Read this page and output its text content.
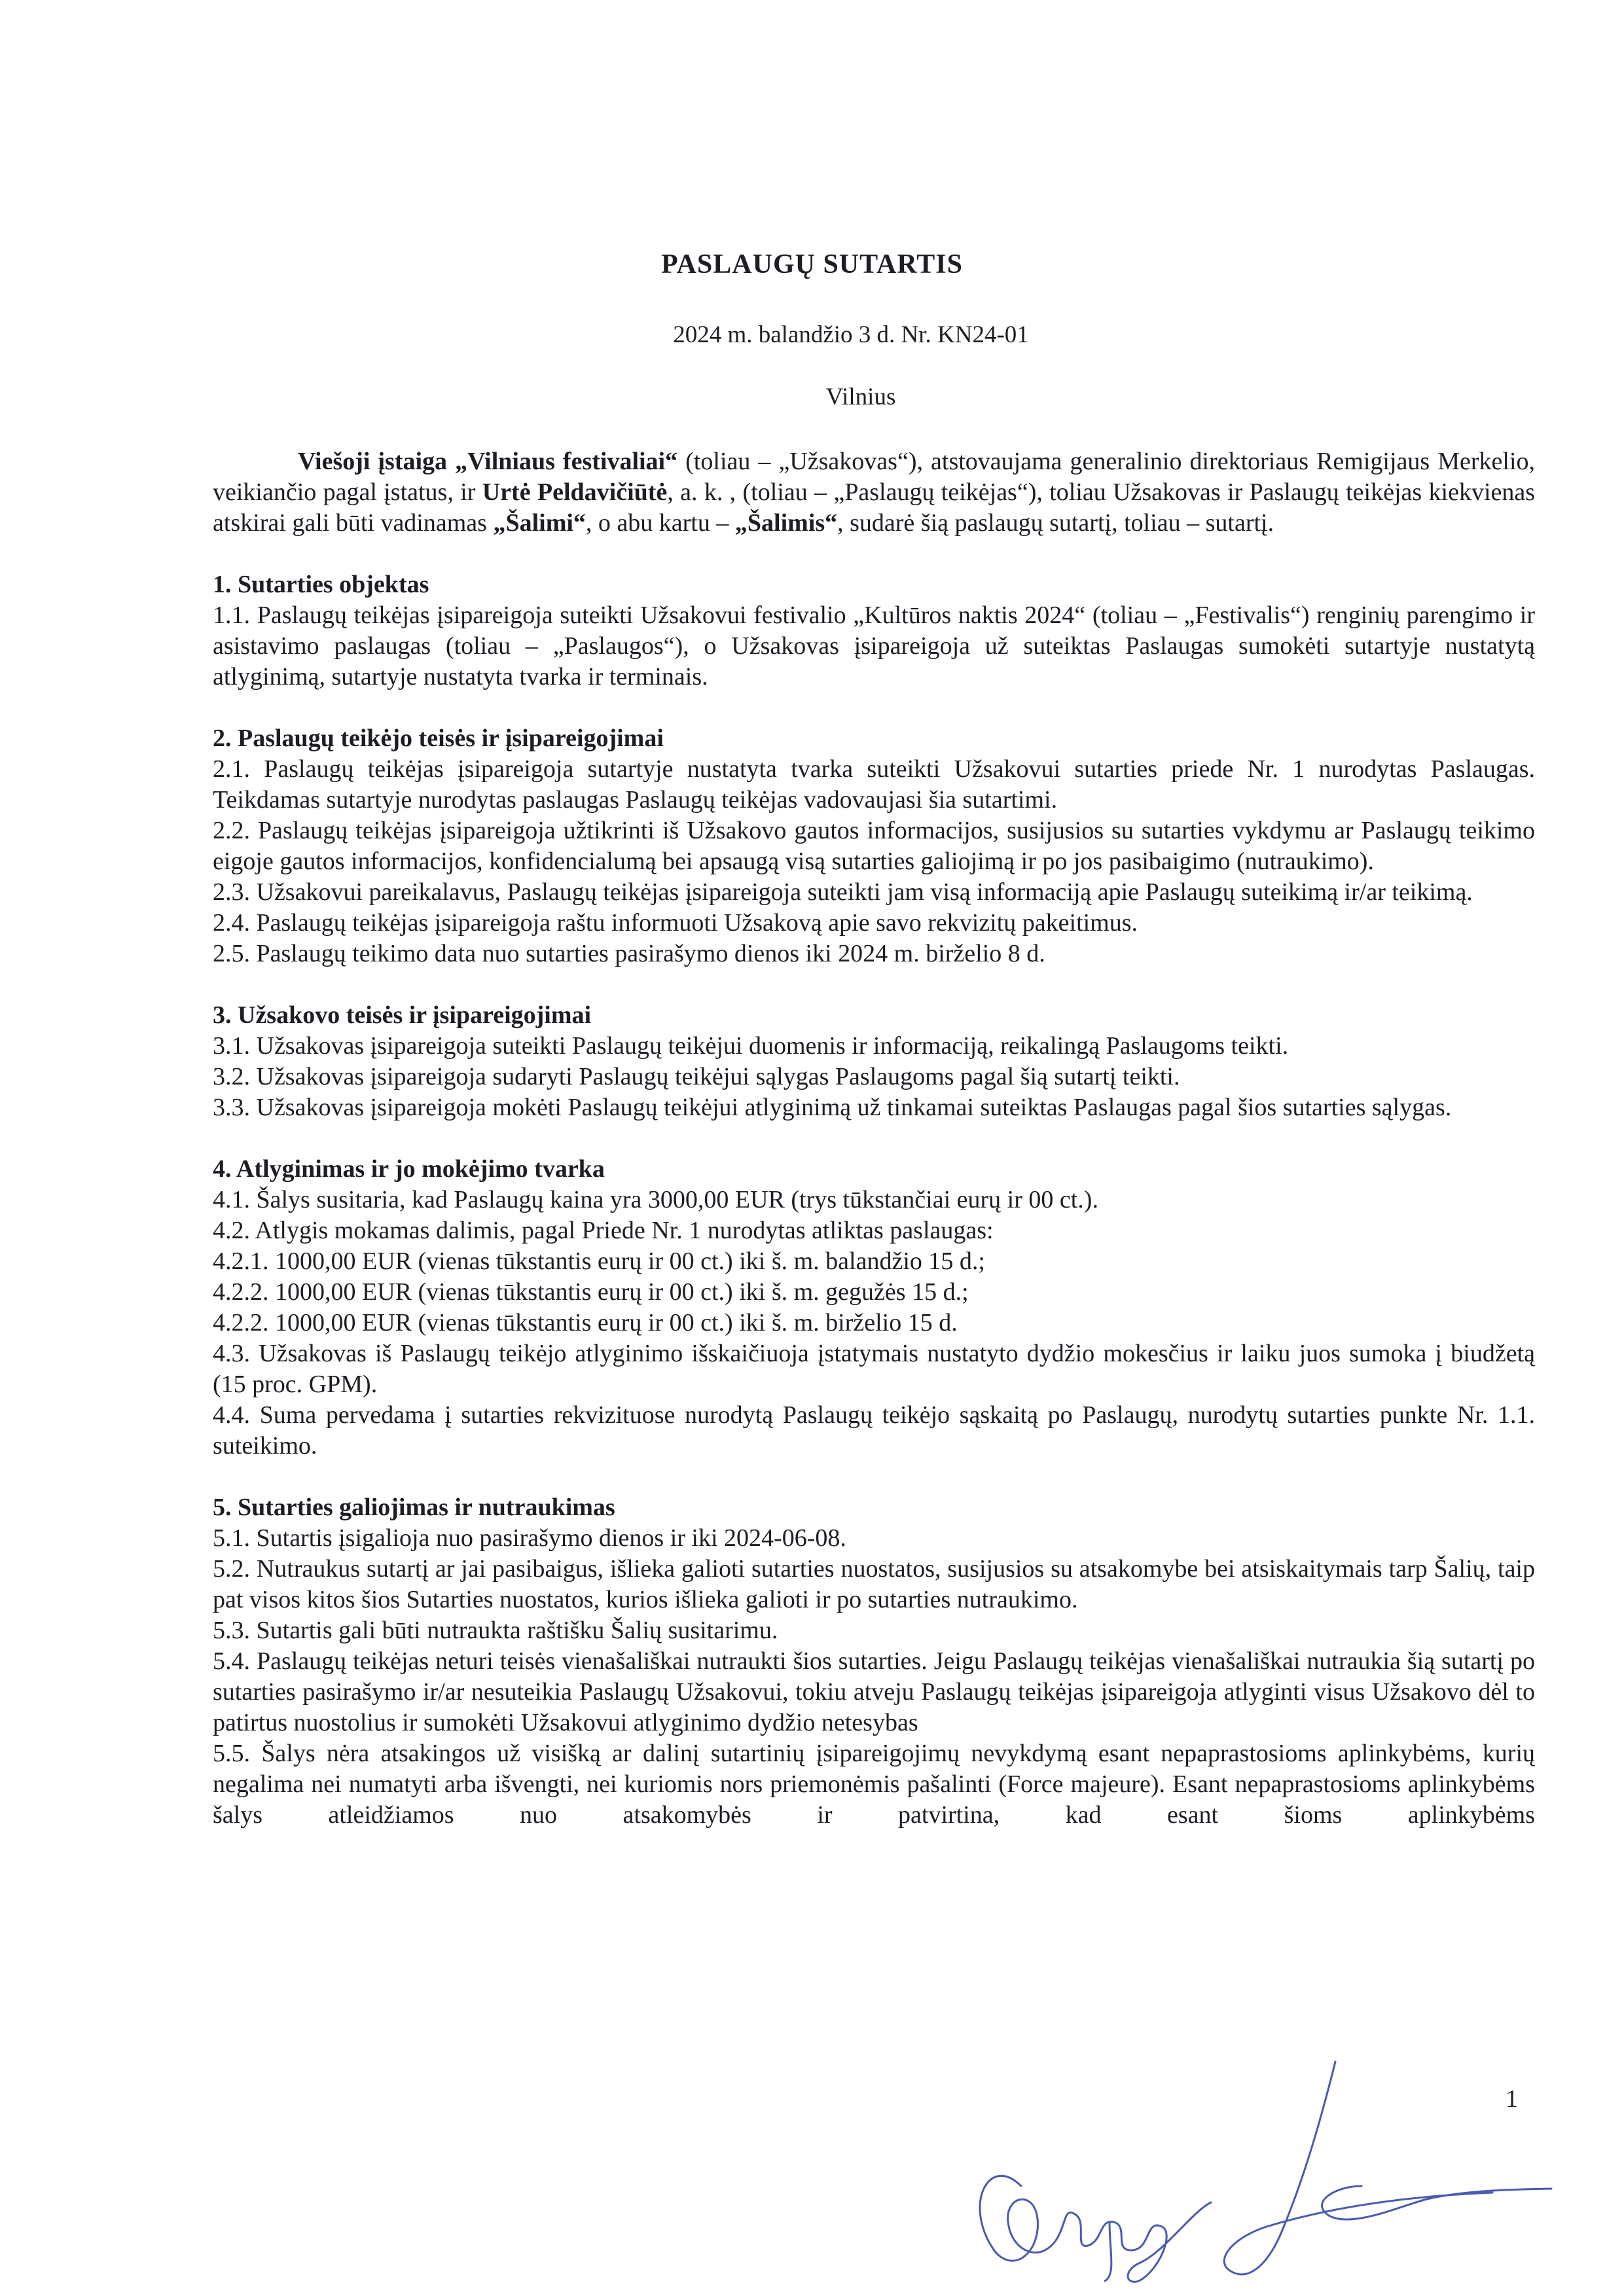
PASLAUGŲ SUTARTIS
2024 m. balandžio 3 d. Nr. KN24-01
Vilnius

Viešoji įstaiga „Vilniaus festivaliai“ (toliau – „Užsakovas“), atstovaujama generalinio direktoriaus Remigijaus Merkelio, veikiančio pagal įstatus, ir Urtė Peldavičiūtė, a. k. , (toliau – „Paslaugų teikėjas“), toliau Užsakovas ir Paslaugų teikėjas kiekvienas atskirai gali būti vadinamas „Šalimi“, o abu kartu – „Šalimis“, sudarė šią paslaugų sutartį, toliau – sutartį.

1. Sutarties objektas

1.1. Paslaugų teikėjas įsipareigoja suteikti Užsakovui festivalio „Kultūros naktis 2024“ (toliau – „Festivalis“) renginių parengimo ir asistavimo paslaugas (toliau – „Paslaugos“), o Užsakovas įsipareigoja už suteiktas Paslaugas sumokėti sutartyje nustatytą atlyginimą, sutartyje nustatyta tvarka ir terminais.

2. Paslaugų teikėjo teisės ir įsipareigojimai

2.1. Paslaugų teikėjas įsipareigoja sutartyje nustatyta tvarka suteikti Užsakovui sutarties priede Nr. 1 nurodytas Paslaugas. Teikdamas sutartyje nurodytas paslaugas Paslaugų teikėjas vadovaujasi šia sutartimi.

2.2. Paslaugų teikėjas įsipareigoja užtikrinti iš Užsakovo gautos informacijos, susijusios su sutarties vykdymu ar Paslaugų teikimo eigoje gautos informacijos, konfidencialumą bei apsaugą visą sutarties galiojimą ir po jos pasibaigimo (nutraukimo).

2.3. Užsakovui pareikalavus, Paslaugų teikėjas įsipareigoja suteikti jam visą informaciją apie Paslaugų suteikimą ir/ar teikimą.

2.4. Paslaugų teikėjas įsipareigoja raštu informuoti Užsakovą apie savo rekvizitų pakeitimus.

2.5. Paslaugų teikimo data nuo sutarties pasirašymo dienos iki 2024 m. birželio 8 d.

3. Užsakovo teisės ir įsipareigojimai

3.1. Užsakovas įsipareigoja suteikti Paslaugų teikėjui duomenis ir informaciją, reikalingą Paslaugoms teikti.

3.2. Užsakovas įsipareigoja sudaryti Paslaugų teikėjui sąlygas Paslaugoms pagal šią sutartį teikti.

3.3. Užsakovas įsipareigoja mokėti Paslaugų teikėjui atlyginimą už tinkamai suteiktas Paslaugas pagal šios sutarties sąlygas.

4. Atlyginimas ir jo mokėjimo tvarka

4.1. Šalys susitaria, kad Paslaugų kaina yra 3000,00 EUR (trys tūkstančiai eurų ir 00 ct.).

4.2. Atlygis mokamas dalimis, pagal Priede Nr. 1 nurodytas atliktas paslaugas:

4.2.1. 1000,00 EUR (vienas tūkstantis eurų ir 00 ct.) iki š. m. balandžio 15 d.;

4.2.2. 1000,00 EUR (vienas tūkstantis eurų ir 00 ct.) iki š. m. gegužės 15 d.;

4.2.2. 1000,00 EUR (vienas tūkstantis eurų ir 00 ct.) iki š. m. birželio 15 d.

4.3. Užsakovas iš Paslaugų teikėjo atlyginimo išskaičiuoja įstatymais nustatyto dydžio mokesčius ir laiku juos sumoka į biudžetą (15 proc. GPM).

4.4. Suma pervedama į sutarties rekvizituose nurodytą Paslaugų teikėjo sąskaitą po Paslaugų, nurodytų sutarties punkte Nr. 1.1. suteikimo.

5. Sutarties galiojimas ir nutraukimas

5.1. Sutartis įsigalioja nuo pasirašymo dienos ir iki 2024-06-08.

5.2. Nutraukus sutartį ar jai pasibaigus, išlieka galioti sutarties nuostatos, susijusios su atsakomybe bei atsiskaitymais tarp Šalių, taip pat visos kitos šios Sutarties nuostatos, kurios išlieka galioti ir po sutarties nutraukimo.

5.3. Sutartis gali būti nutraukta raštišku Šalių susitarimu.

5.4. Paslaugų teikėjas neturi teisės vienašališkai nutraukti šios sutarties. Jeigu Paslaugų teikėjas vienašališkai nutraukia šią sutartį po sutarties pasirašymo ir/ar nesuteikia Paslaugų Užsakovui, tokiu atveju Paslaugų teikėjas įsipareigoja atlyginti visus Užsakovo dėl to patirtus nuostolius ir sumokėti Užsakovui atlyginimo dydžio netesybas

5.5. Šalys nėra atsakingos už visišką ar dalinį sutartinių įsipareigojimų nevykdymą esant nepaprastosioms aplinkybėms, kurių negalima nei numatyti arba išvengti, nei kuriomis nors priemonėmis pašalinti (Force majeure). Esant nepaprastosioms aplinkybėms šalys atleidžiamos nuo atsakomybės ir patvirtina, kad esant šioms aplinkybėms

1
